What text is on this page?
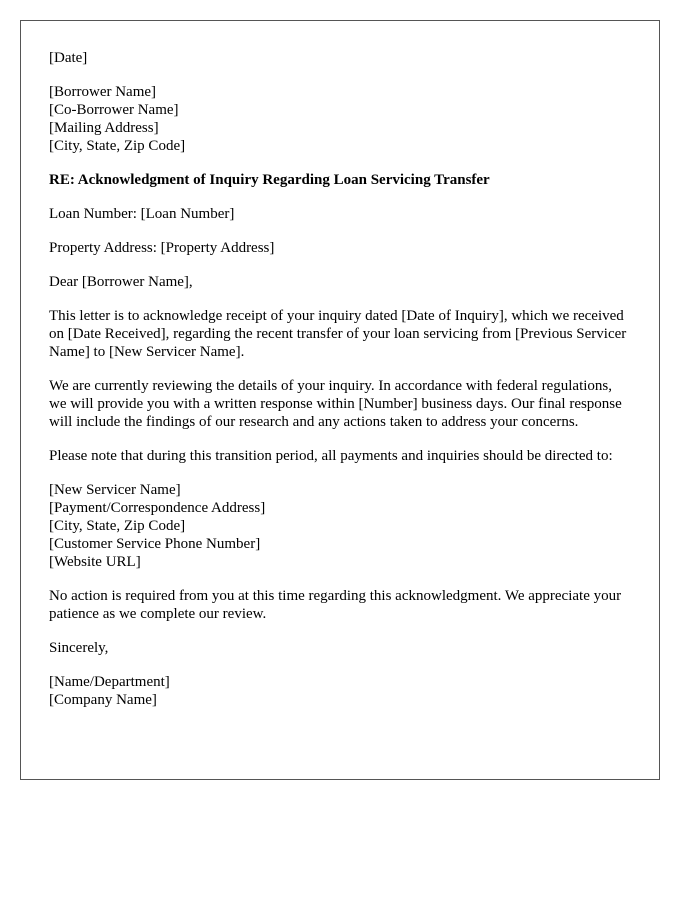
[Date]
[Borrower Name]
[Co-Borrower Name]
[Mailing Address]
[City, State, Zip Code]
RE: Acknowledgment of Inquiry Regarding Loan Servicing Transfer
Loan Number: [Loan Number]
Property Address: [Property Address]
Dear [Borrower Name],

This letter is to acknowledge receipt of your inquiry dated [Date of Inquiry], which we received on [Date Received], regarding the recent transfer of your loan servicing from [Previous Servicer Name] to [New Servicer Name].

We are currently reviewing the details of your inquiry. In accordance with federal regulations, we will provide you with a written response within [Number] business days. Our final response will include the findings of our research and any actions taken to address your concerns.

Please note that during this transition period, all payments and inquiries should be directed to:

[New Servicer Name]
[Payment/Correspondence Address]
[City, State, Zip Code]
[Customer Service Phone Number]
[Website URL]

No action is required from you at this time regarding this acknowledgment. We appreciate your patience as we complete our review.

Sincerely,
[Name/Department]
[Company Name]
